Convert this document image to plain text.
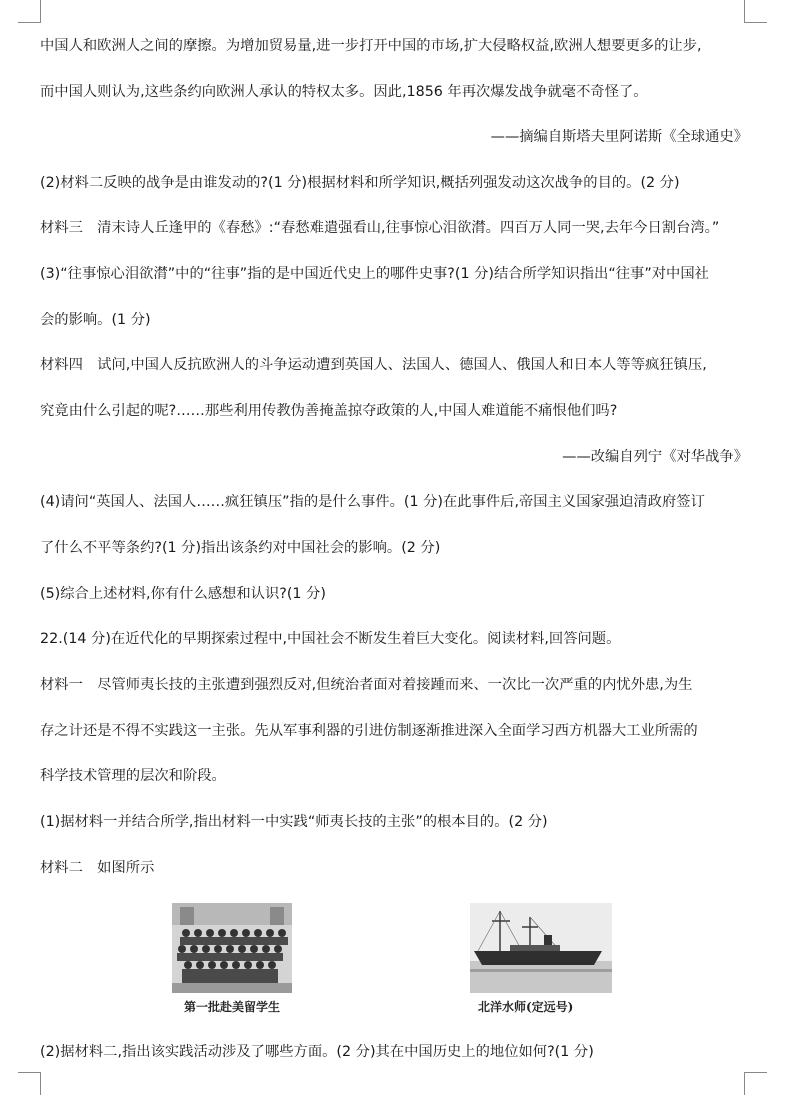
中国人和欧洲人之间的摩擦。为增加贸易量,进一步打开中国的市场,扩大侵略权益,欧洲人想要更多的让步,
而中国人则认为,这些条约向欧洲人承认的特权太多。因此,1856 年再次爆发战争就毫不奇怪了。
——摘编自斯塔夫里阿诺斯《全球通史》
(2)材料二反映的战争是由谁发动的?(1 分)根据材料和所学知识,概括列强发动这次战争的目的。(2 分)
材料三　清末诗人丘逢甲的《春愁》:“春愁难遣强看山,往事惊心泪欲潸。四百万人同一哭,去年今日割台湾。”
(3)“往事惊心泪欲潸”中的“往事”指的是中国近代史上的哪件史事?(1 分)结合所学知识指出“往事”对中国社
会的影响。(1 分)
材料四　试问,中国人反抗欧洲人的斗争运动遭到英国人、法国人、德国人、俄国人和日本人等等疯狂镇压,
究竟由什么引起的呢?……那些利用传教伪善掩盖掠夺政策的人,中国人难道能不痛恨他们吗?
——改编自列宁《对华战争》
(4)请问“英国人、法国人……疯狂镇压”指的是什么事件。(1 分)在此事件后,帝国主义国家强迫清政府签订
了什么不平等条约?(1 分)指出该条约对中国社会的影响。(2 分)
(5)综合上述材料,你有什么感想和认识?(1 分)
22.(14 分)在近代化的早期探索过程中,中国社会不断发生着巨大变化。阅读材料,回答问题。
材料一　尽管师夷长技的主张遭到强烈反对,但统治者面对着接踵而来、一次比一次严重的内忧外患,为生
存之计还是不得不实践这一主张。先从军事利器的引进仿制逐渐推进深入全面学习西方机器大工业所需的
科学技术管理的层次和阶段。
(1)据材料一并结合所学,指出材料一中实践“师夷长技的主张”的根本目的。(2 分)
材料二　如图所示
第一批赴美留学生	北洋水师(定远号)
(2)据材料二,指出该实践活动涉及了哪些方面。(2 分)其在中国历史上的地位如何?(1 分)
